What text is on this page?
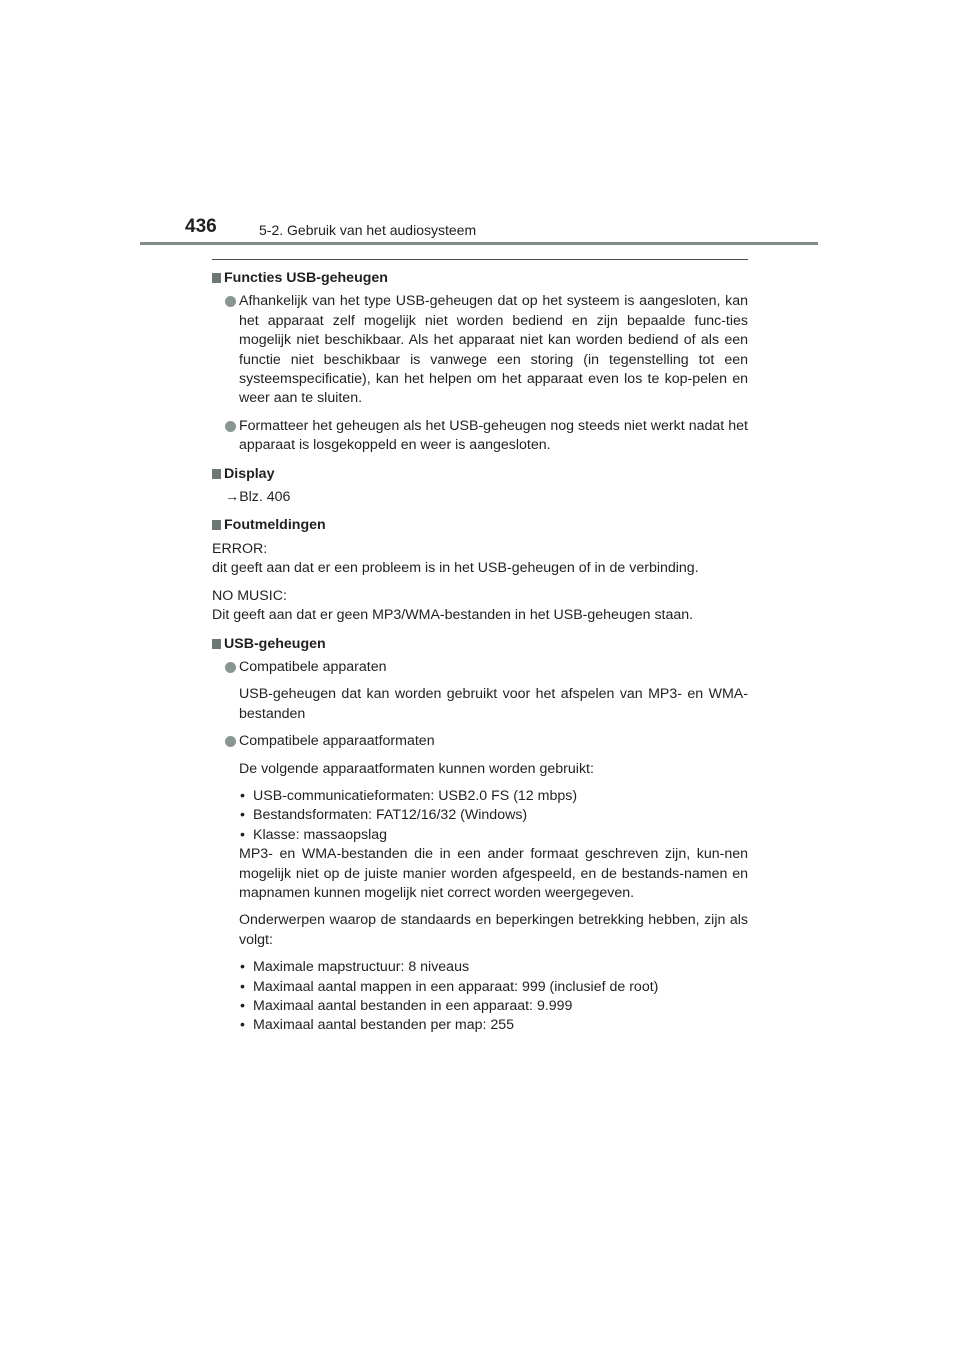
436	5-2. Gebruik van het audiosysteem
Functies USB-geheugen
Afhankelijk van het type USB-geheugen dat op het systeem is aangesloten, kan het apparaat zelf mogelijk niet worden bediend en zijn bepaalde func-ties mogelijk niet beschikbaar. Als het apparaat niet kan worden bediend of als een functie niet beschikbaar is vanwege een storing (in tegenstelling tot een systeemspecificatie), kan het helpen om het apparaat even los te kop-pelen en weer aan te sluiten.
Formatteer het geheugen als het USB-geheugen nog steeds niet werkt nadat het apparaat is losgekoppeld en weer is aangesloten.
Display
→Blz. 406
Foutmeldingen
ERROR:
dit geeft aan dat er een probleem is in het USB-geheugen of in de verbinding.
NO MUSIC:
Dit geeft aan dat er geen MP3/WMA-bestanden in het USB-geheugen staan.
USB-geheugen
Compatibele apparaten
USB-geheugen dat kan worden gebruikt voor het afspelen van MP3- en WMA-bestanden
Compatibele apparaatformaten
De volgende apparaatformaten kunnen worden gebruikt:
• USB-communicatieformaten: USB2.0 FS (12 mbps)
• Bestandsformaten: FAT12/16/32 (Windows)
• Klasse: massaopslag
MP3- en WMA-bestanden die in een ander formaat geschreven zijn, kun-nen mogelijk niet op de juiste manier worden afgespeeld, en de bestands-namen en mapnamen kunnen mogelijk niet correct worden weergegeven.
Onderwerpen waarop de standaards en beperkingen betrekking hebben, zijn als volgt:
• Maximale mapstructuur: 8 niveaus
• Maximaal aantal mappen in een apparaat: 999 (inclusief de root)
• Maximaal aantal bestanden in een apparaat: 9.999
• Maximaal aantal bestanden per map: 255
